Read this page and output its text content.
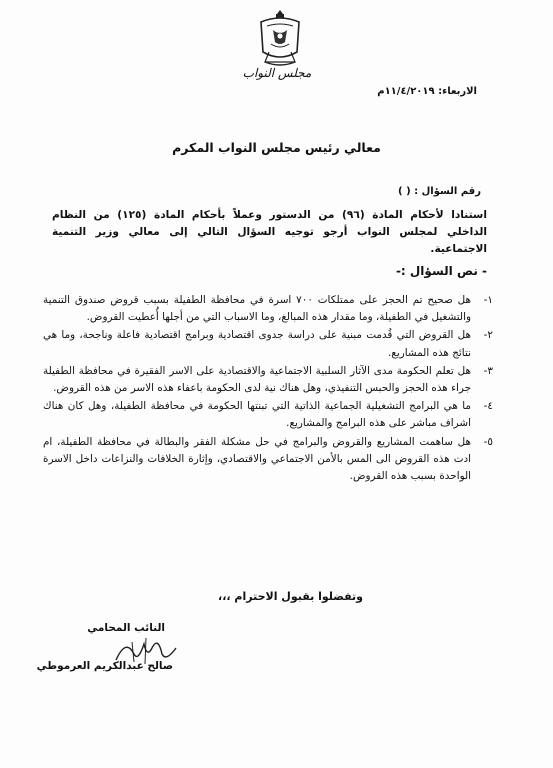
مجلس النواب
الاربعاء: ١١/٤/٢٠١٩م
معالي رئيس مجلس النواب المكرم
رقم السؤال : ( )
استنادا لأحكام المادة (٩٦) من الدستور وعملاً بأحكام المادة (١٢٥) من النظام الداخلي لمجلس النواب أرجو توجيه السؤال التالي إلى معالي وزير التنمية الاجتماعية.
- نص السؤال :-
١-
هل صحيح تم الحجز على ممتلكات ٧٠٠ اسرة في محافظة الطفيلة بسبب قروض صندوق التنمية والتشغيل في الطفيلة، وما مقدار هذه المبالغ، وما الاسباب التي من أجلها أُعطيت القروض.
٢-
هل القروض التي قُدمت مبنية على دراسة جدوى اقتصادية وبرامج اقتصادية فاعلة وناجحة، وما هي نتائج هذه المشاريع.
٣-
هل تعلم الحكومة مدى الآثار السلبية الاجتماعية والاقتصادية على الاسر الفقيرة في محافظة الطفيلة جراء هذه الحجز والحبس التنفيذي، وهل هناك نية لدى الحكومة باعفاء هذه الاسر من هذه القروض.
٤-
ما هي البرامج التشغيلية الجماعية الذاتية التي تبنتها الحكومة في محافظة الطفيلة، وهل كان هناك اشراف مباشر على هذه البرامج والمشاريع.
٥-
هل ساهمت المشاريع والقروض والبرامج في حل مشكلة الفقر والبطالة في محافظة الطفيلة، ام ادت هذه القروض الى المس بالأمن الاجتماعي والاقتصادي، وإثارة الخلافات والنزاعات داخل الاسرة الواحدة بسبب هذه القروض.
وتفضلوا بقبول الاحترام ،،،
النائب المحامي
صالح عبدالكريم العرموطي
